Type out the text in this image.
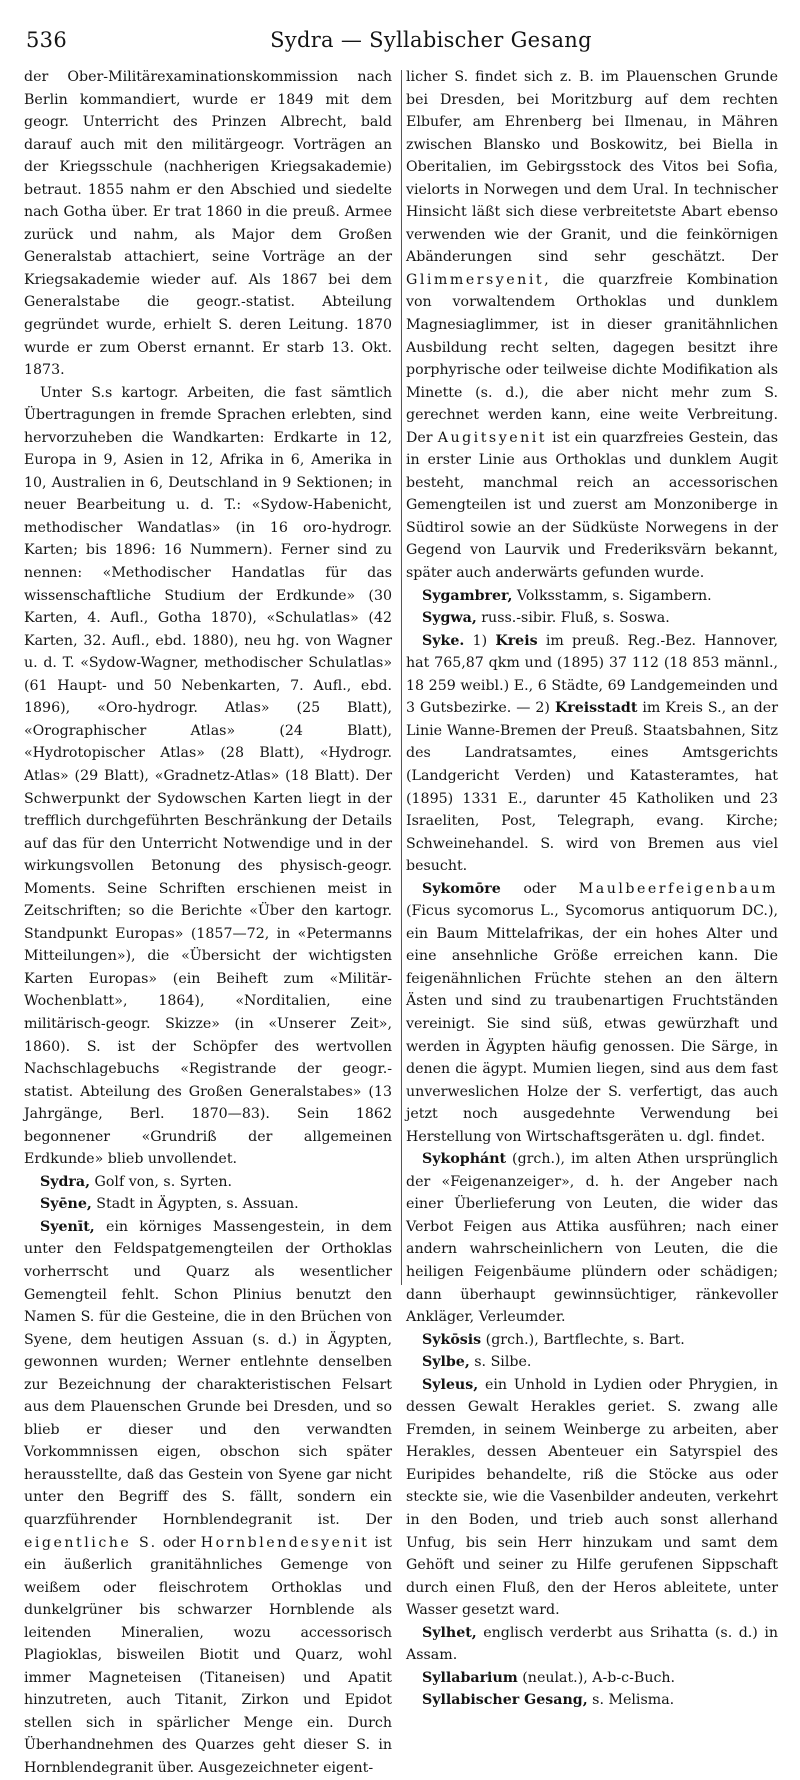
536	Sydra — Syllabischer Gesang

der Ober-Militärexaminationskommission nach Berlin kommandiert, wurde er 1849 mit dem geogr. Unterricht des Prinzen Albrecht, bald darauf auch mit den militärgeogr. Vorträgen an der Kriegsschule (nachherigen Kriegsakademie) betraut. 1855 nahm er den Abschied und siedelte nach Gotha über. Er trat 1860 in die preuß. Armee zurück und nahm, als Major dem Großen Generalstab attachiert, seine Vorträge an der Kriegsakademie wieder auf. Als 1867 bei dem Generalstabe die geogr.-statist. Abteilung gegründet wurde, erhielt S. deren Leitung. 1870 wurde er zum Oberst ernannt. Er starb 13. Okt. 1873.

Unter S.s kartogr. Arbeiten, die fast sämtlich Übertragungen in fremde Sprachen erlebten, sind hervorzuheben die Wandkarten: Erdkarte in 12, Europa in 9, Asien in 12, Afrika in 6, Amerika in 10, Australien in 6, Deutschland in 9 Sektionen; in neuer Bearbeitung u. d. T.: «Sydow-Habenicht, methodischer Wandatlas» (in 16 oro-hydrogr. Karten; bis 1896: 16 Nummern). Ferner sind zu nennen: «Methodischer Handatlas für das wissenschaftliche Studium der Erdkunde» (30 Karten, 4. Aufl., Gotha 1870), «Schulatlas» (42 Karten, 32. Aufl., ebd. 1880), neu hg. von Wagner u. d. T. «Sydow-Wagner, methodischer Schulatlas» (61 Haupt- und 50 Nebenkarten, 7. Aufl., ebd. 1896), «Oro-hydrogr. Atlas» (25 Blatt), «Orographischer Atlas» (24 Blatt), «Hydrotopischer Atlas» (28 Blatt), «Hydrogr. Atlas» (29 Blatt), «Gradnetz-Atlas» (18 Blatt). Der Schwerpunkt der Sydowschen Karten liegt in der trefflich durchgeführten Beschränkung der Details auf das für den Unterricht Notwendige und in der wirkungsvollen Betonung des physisch-geogr. Moments. Seine Schriften erschienen meist in Zeitschriften; so die Berichte «Über den kartogr. Standpunkt Europas» (1857—72, in «Petermanns Mitteilungen»), die «Übersicht der wichtigsten Karten Europas» (ein Beiheft zum «Militär-Wochenblatt», 1864), «Norditalien, eine militärisch-geogr. Skizze» (in «Unserer Zeit», 1860). S. ist der Schöpfer des wertvollen Nachschlagebuchs «Registrande der geogr.-statist. Abteilung des Großen Generalstabes» (13 Jahrgänge, Berl. 1870—83). Sein 1862 begonnener «Grundriß der allgemeinen Erdkunde» blieb unvollendet.

Sydra, Golf von, s. Syrten.

Syēne, Stadt in Ägypten, s. Assuan.

Syenīt, ein körniges Massengestein, in dem unter den Feldspatgemengteilen der Orthoklas vorherrscht und Quarz als wesentlicher Gemengteil fehlt. Schon Plinius benutzt den Namen S. für die Gesteine, die in den Brüchen von Syene, dem heutigen Assuan (s. d.) in Ägypten, gewonnen wurden; Werner entlehnte denselben zur Bezeichnung der charakteristischen Felsart aus dem Plauenschen Grunde bei Dresden, und so blieb er dieser und den verwandten Vorkommnissen eigen, obschon sich später herausstellte, daß das Gestein von Syene gar nicht unter den Begriff des S. fällt, sondern ein quarzführender Hornblendegranit ist. Der eigentliche S. oder Hornblendesyenit ist ein äußerlich granitähnliches Gemenge von weißem oder fleischrotem Orthoklas und dunkelgrüner bis schwarzer Hornblende als leitenden Mineralien, wozu accessorisch Plagioklas, bisweilen Biotit und Quarz, wohl immer Magneteisen (Titaneisen) und Apatit hinzutreten, auch Titanit, Zirkon und Epidot stellen sich in spärlicher Menge ein. Durch Überhandnehmen des Quarzes geht dieser S. in Hornblendegranit über. Ausgezeichneter eigent-

licher S. findet sich z. B. im Plauenschen Grunde bei Dresden, bei Moritzburg auf dem rechten Elbufer, am Ehrenberg bei Ilmenau, in Mähren zwischen Blansko und Boskowitz, bei Biella in Oberitalien, im Gebirgsstock des Vitos bei Sofia, vielorts in Norwegen und dem Ural. In technischer Hinsicht läßt sich diese verbreitetste Abart ebenso verwenden wie der Granit, und die feinkörnigen Abänderungen sind sehr geschätzt. Der Glimmersyenit, die quarzfreie Kombination von vorwaltendem Orthoklas und dunklem Magnesiaglimmer, ist in dieser granitähnlichen Ausbildung recht selten, dagegen besitzt ihre porphyrische oder teilweise dichte Modifikation als Minette (s. d.), die aber nicht mehr zum S. gerechnet werden kann, eine weite Verbreitung. Der Augitsyenit ist ein quarzfreies Gestein, das in erster Linie aus Orthoklas und dunklem Augit besteht, manchmal reich an accessorischen Gemengteilen ist und zuerst am Monzoniberge in Südtirol sowie an der Südküste Norwegens in der Gegend von Laurvik und Frederiksvärn bekannt, später auch anderwärts gefunden wurde.

Sygambrer, Volksstamm, s. Sigambern.

Sygwa, russ.-sibir. Fluß, s. Soswa.

Syke. 1) Kreis im preuß. Reg.-Bez. Hannover, hat 765,87 qkm und (1895) 37 112 (18 853 männl., 18 259 weibl.) E., 6 Städte, 69 Landgemeinden und 3 Gutsbezirke. — 2) Kreisstadt im Kreis S., an der Linie Wanne-Bremen der Preuß. Staatsbahnen, Sitz des Landratsamtes, eines Amtsgerichts (Landgericht Verden) und Katasteramtes, hat (1895) 1331 E., darunter 45 Katholiken und 23 Israeliten, Post, Telegraph, evang. Kirche; Schweinehandel. S. wird von Bremen aus viel besucht.

Sykomōre oder Maulbeerfeigenbaum (Ficus sycomorus L., Sycomorus antiquorum DC.), ein Baum Mittelafrikas, der ein hohes Alter und eine ansehnliche Größe erreichen kann. Die feigenähnlichen Früchte stehen an den ältern Ästen und sind zu traubenartigen Fruchtständen vereinigt. Sie sind süß, etwas gewürzhaft und werden in Ägypten häufig genossen. Die Särge, in denen die ägypt. Mumien liegen, sind aus dem fast unverweslichen Holze der S. verfertigt, das auch jetzt noch ausgedehnte Verwendung bei Herstellung von Wirtschaftsgeräten u. dgl. findet.

Sykophánt (grch.), im alten Athen ursprünglich der «Feigenanzeiger», d. h. der Angeber nach einer Überlieferung von Leuten, die wider das Verbot Feigen aus Attika ausführen; nach einer andern wahrscheinlichern von Leuten, die die heiligen Feigenbäume plündern oder schädigen; dann überhaupt gewinnsüchtiger, ränkevoller Ankläger, Verleumder.

Sykōsis (grch.), Bartflechte, s. Bart.

Sylbe, s. Silbe.

Syleus, ein Unhold in Lydien oder Phrygien, in dessen Gewalt Herakles geriet. S. zwang alle Fremden, in seinem Weinberge zu arbeiten, aber Herakles, dessen Abenteuer ein Satyrspiel des Euripides behandelte, riß die Stöcke aus oder steckte sie, wie die Vasenbilder andeuten, verkehrt in den Boden, und trieb auch sonst allerhand Unfug, bis sein Herr hinzukam und samt dem Gehöft und seiner zu Hilfe gerufenen Sippschaft durch einen Fluß, den der Heros ableitete, unter Wasser gesetzt ward.

Sylhet, englisch verderbt aus Srihatta (s. d.) in Assam.

Syllabarium (neulat.), A-b-c-Buch.

Syllabischer Gesang, s. Melisma.
